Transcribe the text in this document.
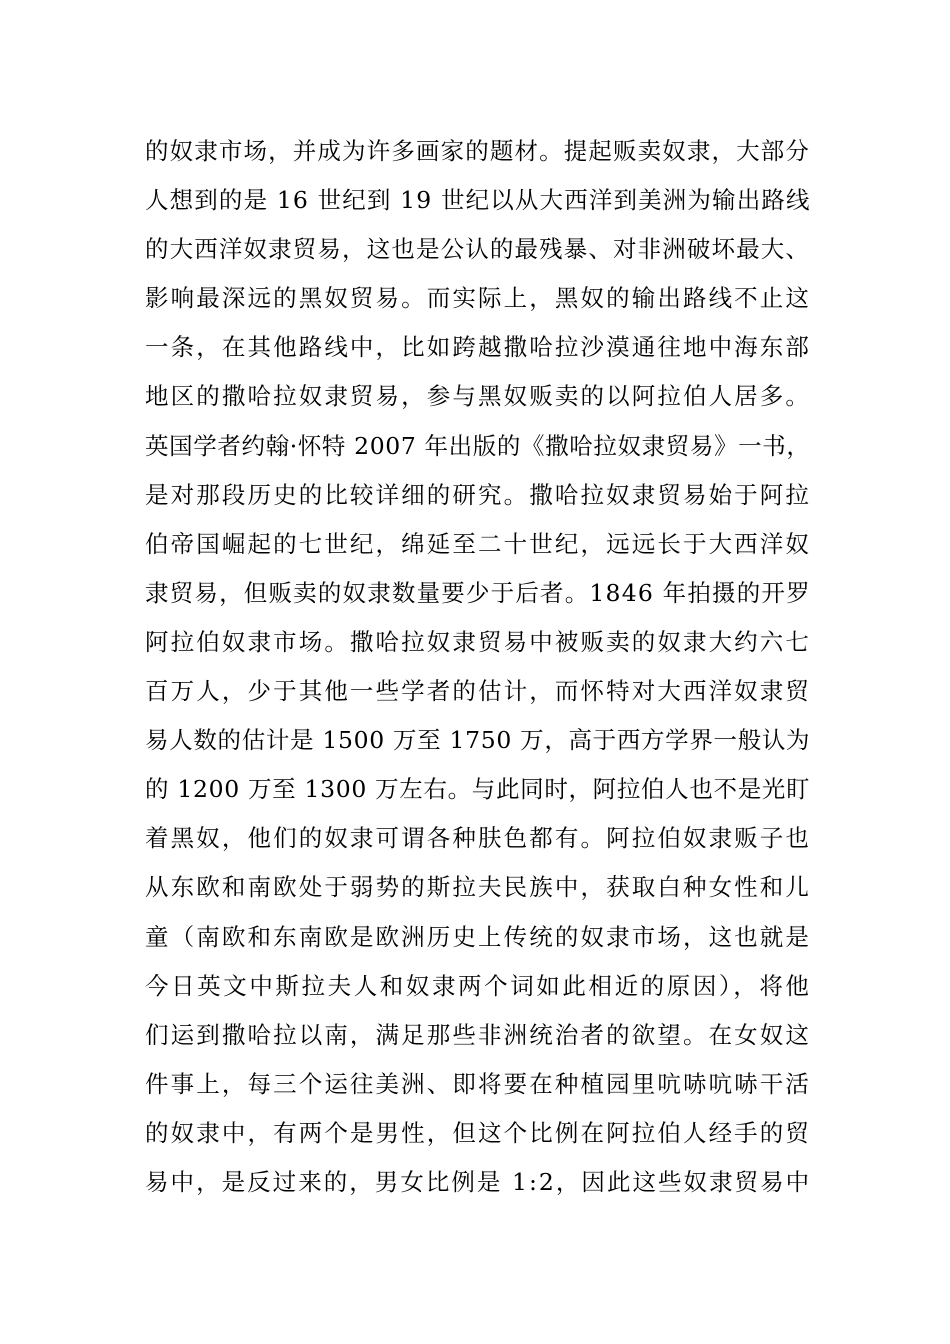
的奴隶市场，并成为许多画家的题材。提起贩卖奴隶，大部分
人想到的是 16 世纪到 19 世纪以从大西洋到美洲为输出路线
的大西洋奴隶贸易，这也是公认的最残暴、对非洲破坏最大、
影响最深远的黑奴贸易。而实际上，黑奴的输出路线不止这
一条，在其他路线中，比如跨越撒哈拉沙漠通往地中海东部
地区的撒哈拉奴隶贸易，参与黑奴贩卖的以阿拉伯人居多。
英国学者约翰·怀特 2007 年出版的《撒哈拉奴隶贸易》一书，
是对那段历史的比较详细的研究。撒哈拉奴隶贸易始于阿拉
伯帝国崛起的七世纪，绵延至二十世纪，远远长于大西洋奴
隶贸易，但贩卖的奴隶数量要少于后者。1846 年拍摄的开罗
阿拉伯奴隶市场。撒哈拉奴隶贸易中被贩卖的奴隶大约六七
百万人，少于其他一些学者的估计，而怀特对大西洋奴隶贸
易人数的估计是 1500 万至 1750 万，高于西方学界一般认为
的 1200 万至 1300 万左右。与此同时，阿拉伯人也不是光盯
着黑奴，他们的奴隶可谓各种肤色都有。阿拉伯奴隶贩子也
从东欧和南欧处于弱势的斯拉夫民族中，获取白种女性和儿
童（南欧和东南欧是欧洲历史上传统的奴隶市场，这也就是
今日英文中斯拉夫人和奴隶两个词如此相近的原因），将他
们运到撒哈拉以南，满足那些非洲统治者的欲望。在女奴这
件事上，每三个运往美洲、即将要在种植园里吭哧吭哧干活
的奴隶中，有两个是男性，但这个比例在阿拉伯人经手的贸
易中，是反过来的，男女比例是 1:2，因此这些奴隶贸易中
